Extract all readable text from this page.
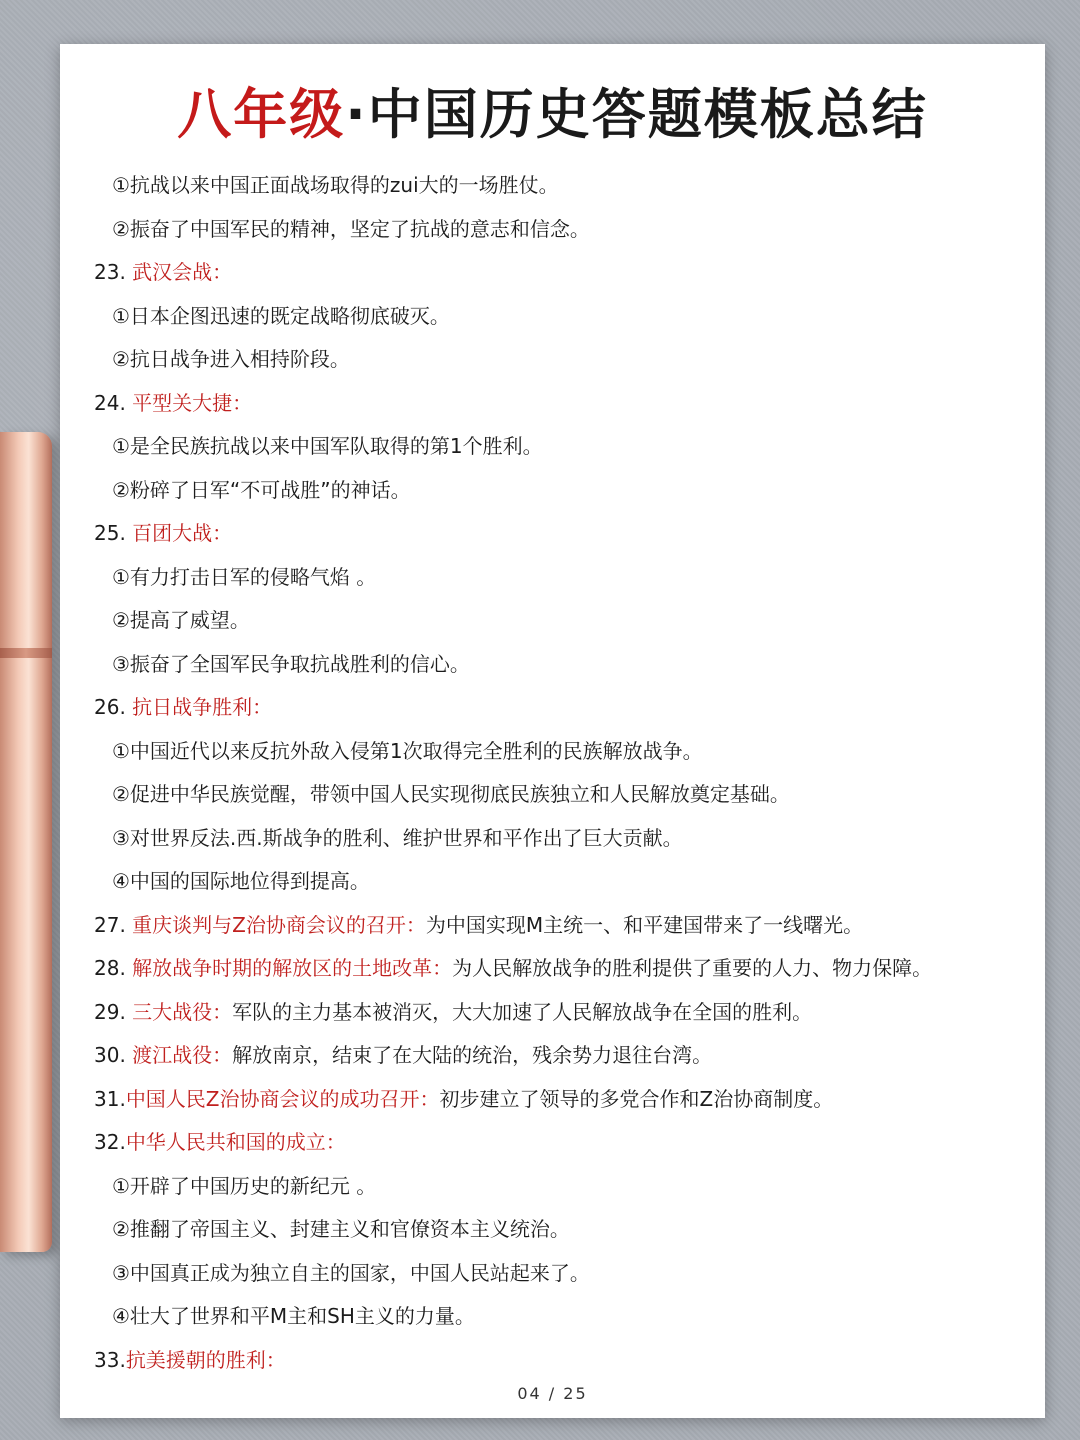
八年级·中国历史答题模板总结
①抗战以来中国正面战场取得的zui大的一场胜仗。
②振奋了中国军民的精神，坚定了抗战的意志和信念。
23. 武汉会战：
①日本企图迅速的既定战略彻底破灭。
②抗日战争进入相持阶段。
24. 平型关大捷：
①是全民族抗战以来中国军队取得的第1个胜利。
②粉碎了日军“不可战胜”的神话。
25. 百团大战：
①有力打击日军的侵略气焰 。
②提高了威望。
③振奋了全国军民争取抗战胜利的信心。
26. 抗日战争胜利：
①中国近代以来反抗外敌入侵第1次取得完全胜利的民族解放战争。
②促进中华民族觉醒，带领中国人民实现彻底民族独立和人民解放奠定基础。
③对世界反法.西.斯战争的胜利、维护世界和平作出了巨大贡献。
④中国的国际地位得到提高。
27. 重庆谈判与Z治协商会议的召开：为中国实现M主统一、和平建国带来了一线曙光。
28. 解放战争时期的解放区的土地改革：为人民解放战争的胜利提供了重要的人力、物力保障。
29. 三大战役：军队的主力基本被消灭，大大加速了人民解放战争在全国的胜利。
30. 渡江战役：解放南京，结束了在大陆的统治，残余势力退往台湾。
31.中国人民Z治协商会议的成功召开：初步建立了领导的多党合作和Z治协商制度。
32.中华人民共和国的成立：
①开辟了中国历史的新纪元 。
②推翻了帝国主义、封建主义和官僚资本主义统治。
③中国真正成为独立自主的国家，中国人民站起来了。
④壮大了世界和平M主和SH主义的力量。
33.抗美援朝的胜利：
04 / 25
